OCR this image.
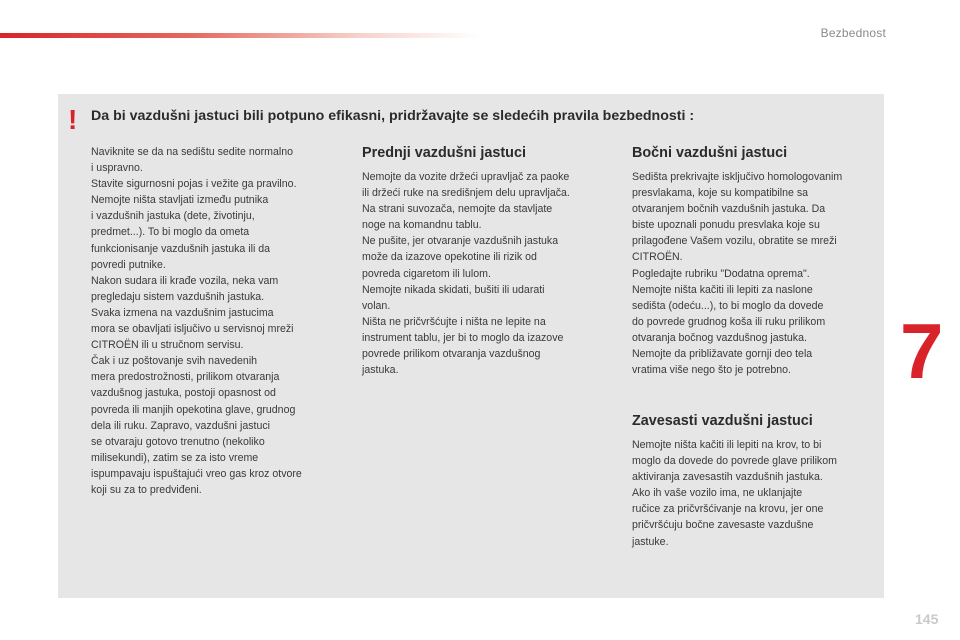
Bezbednost
! Da bi vazdušni jastuci bili potpuno efikasni, pridržavajte se sledećih pravila bezbednosti :

Naviknite se da na sedištu sedite normalno
i uspravno.
Stavite sigurnosni pojas i vežite ga pravilno.
Nemojte ništa stavljati između putnika
i vazdušnih jastuka (dete, životinju,
predmet...). To bi moglo da ometa
funkcionisanje vazdušnih jastuka ili da
povredi putnike.
Nakon sudara ili krađe vozila, neka vam
pregledaju sistem vazdušnih jastuka.
Svaka izmena na vazdušnim jastucima
mora se obavljati isljučivo u servisnoj mreži
CITROËN ili u stručnom servisu.
Čak i uz poštovanje svih navedenih
mera predostrožnosti, prilikom otvaranja
vazdušnog jastuka, postoji opasnost od
povreda ili manjih opekotina glave, grudnog
dela ili ruku. Zapravo, vazdušni jastuci
se otvaraju gotovo trenutno (nekoliko
milisekundi), zatim se za isto vreme
ispumpavaju ispuštajući vreo gas kroz otvore
koji su za to predviđeni.

Prednji vazdušni jastuci

Nemojte da vozite držeći upravljač za paoke
ili držeći ruke na središnjem delu upravljača.
Na strani suvozača, nemojte da stavljate
noge na komandnu tablu.
Ne pušite, jer otvaranje vazdušnih jastuka
može da izazove opekotine ili rizik od
povreda cigaretom ili lulom.
Nemojte nikada skidati, bušiti ili udarati
volan.
Ništa ne pričvršćujte i ništa ne lepite na
instrument tablu, jer bi to moglo da izazove
povrede prilikom otvaranja vazdušnog
jastuka.

Bočni vazdušni jastuci

Sedišta prekrivajte isključivo homologovanim
presvlakama, koje su kompatibilne sa
otvaranjem bočnih vazdušnih jastuka. Da
biste upoznali ponudu presvlaka koje su
prilagođene Vašem vozilu, obratite se mreži
CITROËN.
Pogledajte rubriku "Dodatna oprema".
Nemojte ništa kačiti ili lepiti za naslone
sedišta (odeću...), to bi moglo da dovede
do povrede grudnog koša ili ruku prilikom
otvaranja bočnog vazdušnog jastuka.
Nemojte da približavate gornji deo tela
vratima više nego što je potrebno.

Zavesasti vazdušni jastuci

Nemojte ništa kačiti ili lepiti na krov, to bi
moglo da dovede do povrede glave prilikom
aktiviranja zavesastih vazdušnih jastuka.
Ako ih vaše vozilo ima, ne uklanjajte
ručice za pričvršćivanje na krovu, jer one
pričvršćuju bočne zavesaste vazdušne
jastuke.

7
145
